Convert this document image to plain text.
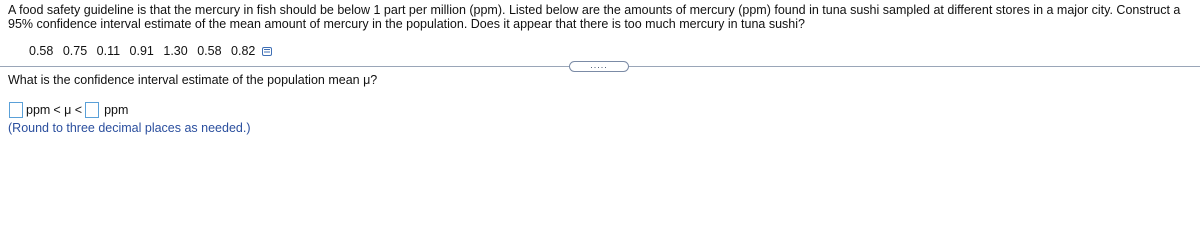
A food safety guideline is that the mercury in fish should be below 1 part per million (ppm). Listed below are the amounts of mercury (ppm) found in tuna sushi sampled at different stores in a major city. Construct a 95% confidence interval estimate of the mean amount of mercury in the population. Does it appear that there is too much mercury in tuna sushi?
0.58 0.75 0.11 0.91 1.30 0.58 0.82
.....
What is the confidence interval estimate of the population mean μ?
ppm < μ < ppm
(Round to three decimal places as needed.)
